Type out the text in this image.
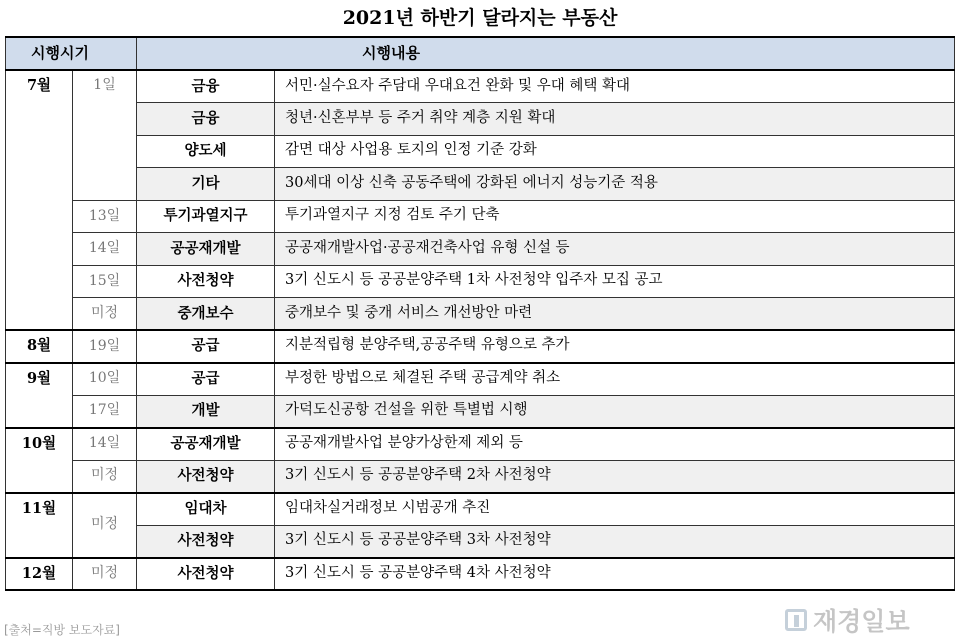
2021년 하반기 달라지는 부동산
시행시기		시행내용	
7월	1일	금융	서민·실수요자 주담대 우대요건 완화 및 우대 혜택 확대
		금융	청년·신혼부부 등 주거 취약 계층 지원 확대
		양도세	감면 대상 사업용 토지의 인정 기준 강화
		기타	30세대 이상 신축 공동주택에 강화된 에너지 성능기준 적용
	13일	투기과열지구	투기과열지구 지정 검토 주기 단축
	14일	공공재개발	공공재개발사업·공공재건축사업 유형 신설 등
	15일	사전청약	3기 신도시 등 공공분양주택 1차 사전청약 입주자 모집 공고
	미정	중개보수	중개보수 및 중개 서비스 개선방안 마련
8월	19일	공급	지분적립형 분양주택,공공주택 유형으로 추가
9월	10일	공급	부정한 방법으로 체결된 주택 공급계약 취소
	17일	개발	가덕도신공항 건설을 위한 특별법 시행
10월	14일	공공재개발	공공재개발사업 분양가상한제 제외 등
	미정	사전청약	3기 신도시 등 공공분양주택 2차 사전청약
11월	미정	임대차	임대차실거래정보 시범공개 추진
		사전청약	3기 신도시 등 공공분양주택 3차 사전청약
12월	미정	사전청약	3기 신도시 등 공공분양주택 4차 사전청약
[출처=직방 보도자료]	재경일보
